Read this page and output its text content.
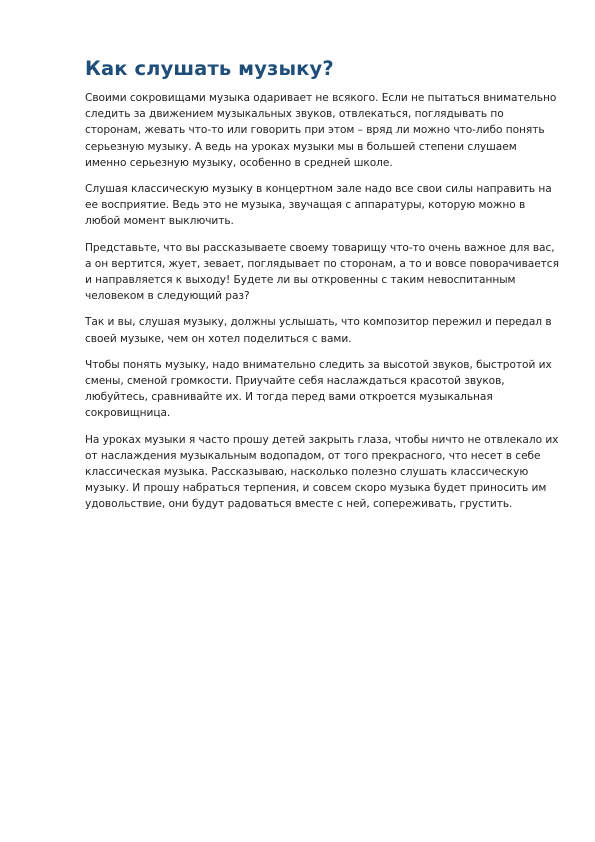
Как слушать музыку?

Своими сокровищами музыка одаривает не всякого. Если не пытаться внимательно следить за движением музыкальных звуков, отвлекаться, поглядывать по сторонам, жевать что-то или говорить при этом – вряд ли можно что-либо понять серьезную музыку. А ведь на уроках музыки мы в большей степени слушаем именно серьезную музыку, особенно в средней школе.

Слушая классическую музыку в концертном зале надо все свои силы направить на ее восприятие. Ведь это не музыка, звучащая с аппаратуры, которую можно в любой момент выключить.

Представьте, что вы рассказываете своему товарищу что-то очень важное для вас, а он вертится, жует, зевает, поглядывает по сторонам, а то и вовсе поворачивается и направляется к выходу! Будете ли вы откровенны с таким невоспитанным человеком в следующий раз?

Так и вы, слушая музыку, должны услышать, что композитор пережил и передал в своей музыке, чем он хотел поделиться с вами.

Чтобы понять музыку, надо внимательно следить за высотой звуков, быстротой их смены, сменой громкости. Приучайте себя наслаждаться красотой звуков, любуйтесь, сравнивайте их. И тогда перед вами откроется музыкальная сокровищница.

На уроках музыки я часто прошу детей закрыть глаза, чтобы ничто не отвлекало их от наслаждения музыкальным водопадом, от того прекрасного, что несет в себе классическая музыка. Рассказываю, насколько полезно слушать классическую музыку. И прошу набраться терпения, и совсем скоро музыка будет приносить им удовольствие, они будут радоваться вместе с ней, сопереживать, грустить.
